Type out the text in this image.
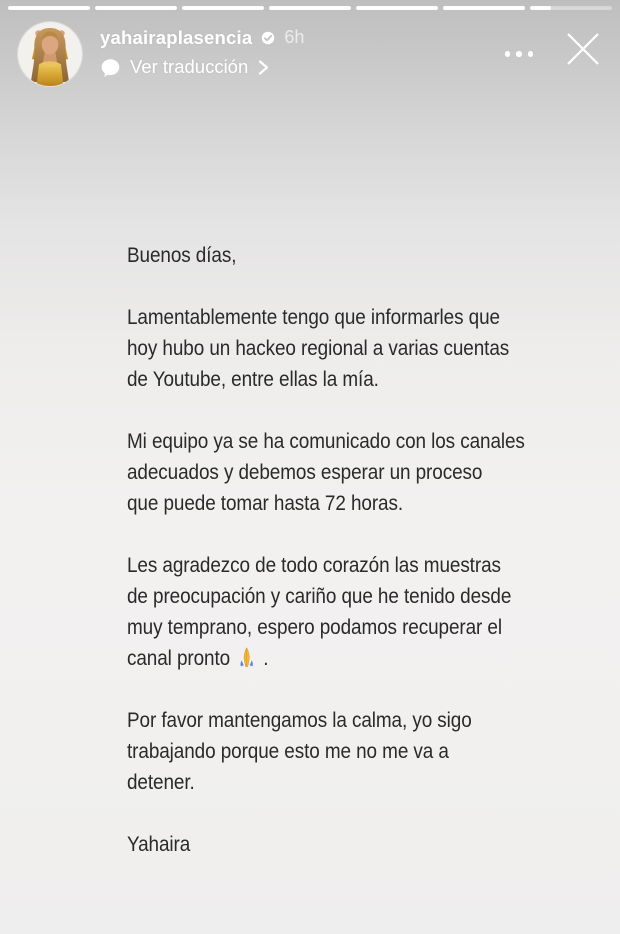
yahairaplasencia 6h
Ver traducción

Buenos días,

Lamentablemente tengo que informarles que
hoy hubo un hackeo regional a varias cuentas
de Youtube, entre ellas la mía.

Mi equipo ya se ha comunicado con los canales
adecuados y debemos esperar un proceso
que puede tomar hasta 72 horas.

Les agradezco de todo corazón las muestras
de preocupación y cariño que he tenido desde
muy temprano, espero podamos recuperar el
canal pronto  .

Por favor mantengamos la calma, yo sigo
trabajando porque esto me no me va a
detener.

Yahaira
